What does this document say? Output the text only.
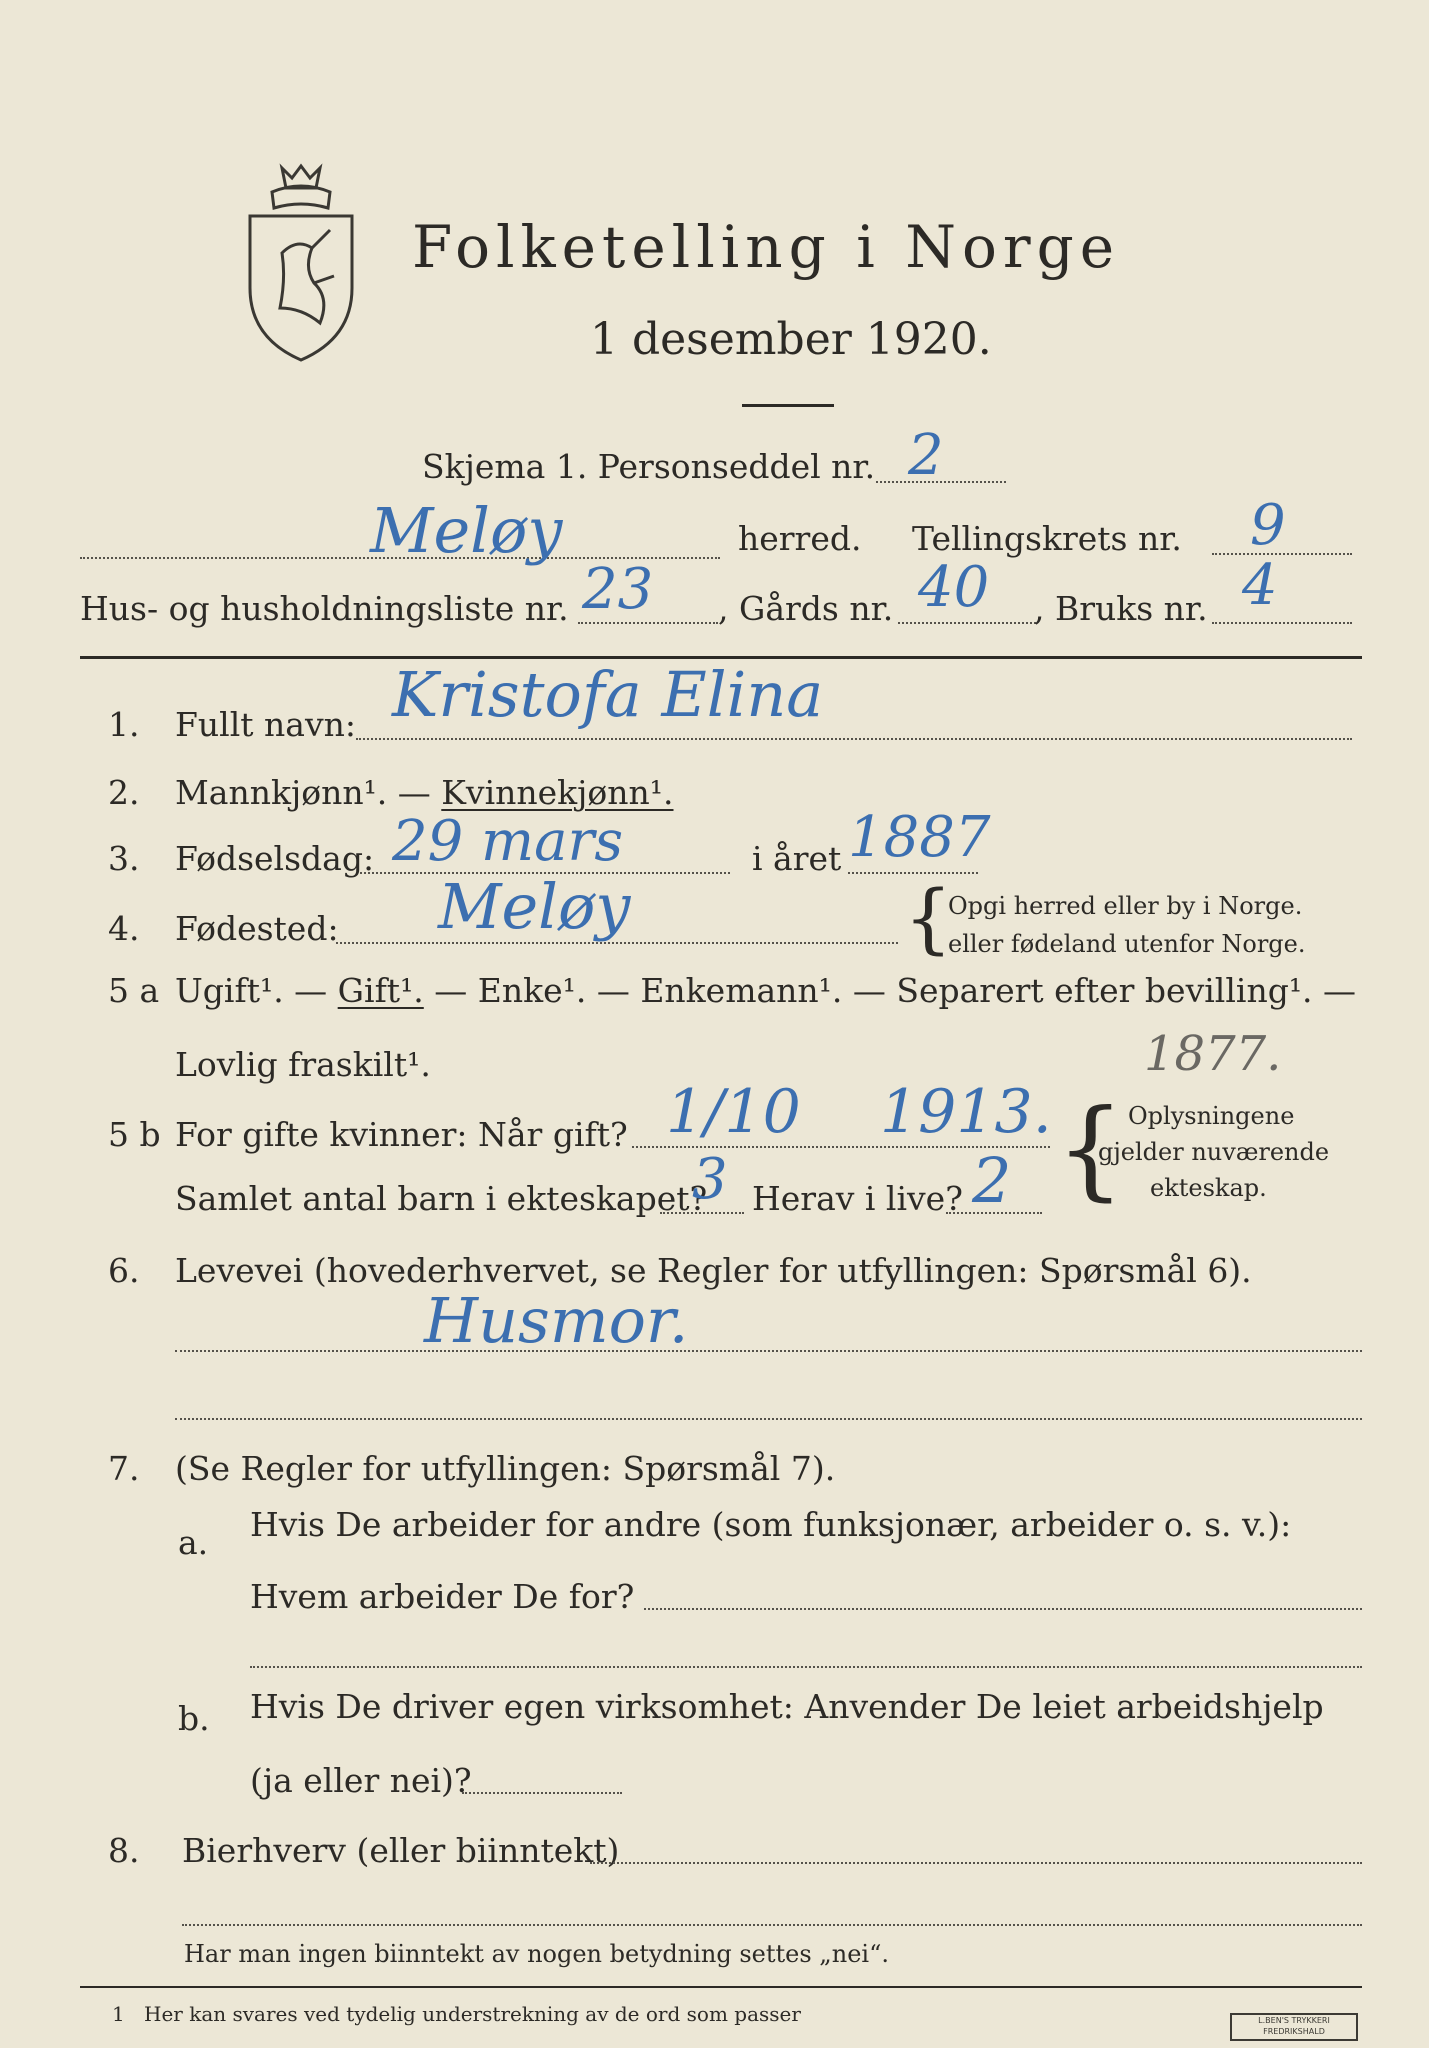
Folketelling i Norge
1 desember 1920.
Skjema 1. Personseddel nr. 2
Meløy	herred. Tellingskrets nr. 9
Hus- og husholdningsliste nr. 23 , Gårds nr. 40 , Bruks nr. 4
1. Fullt navn: Kristofa Elina
2. Mannkjønn¹. — Kvinnekjønn¹.
3. Fødselsdag: 29 mars	i året 1887
4. Fødested: Meløy	{
Opgi herred eller by i Norge.
eller fødeland utenfor Norge.
5 a Ugift¹. — Gift¹. — Enke¹. — Enkemann¹. — Separert efter bevilling¹. —
Lovlig fraskilt¹.	1877.
5 b For gifte kvinner: Når gift? 1/10 1913.
Samlet antal barn i ekteskapet?
3 Herav i live? 2 { Oplysningene
gjelder nuværende
ekteskap.
6. Levevei (hovederhvervet, se Regler for utfyllingen: Spørsmål 6).
Husmor.
7. (Se Regler for utfyllingen: Spørsmål 7).
a. Hvis De arbeider for andre (som funksjonær, arbeider o. s. v.):
Hvem arbeider De for?
b. Hvis De driver egen virksomhet: Anvender De leiet arbeidshjelp
(ja eller nei)?
8. Bierhverv (eller biinntekt)
Har man ingen biinntekt av nogen betydning settes „nei“.
1 Her kan svares ved tydelig understrekning av de ord som passer	L.BEN'S TRYKKERI
FREDRIKSHALD
